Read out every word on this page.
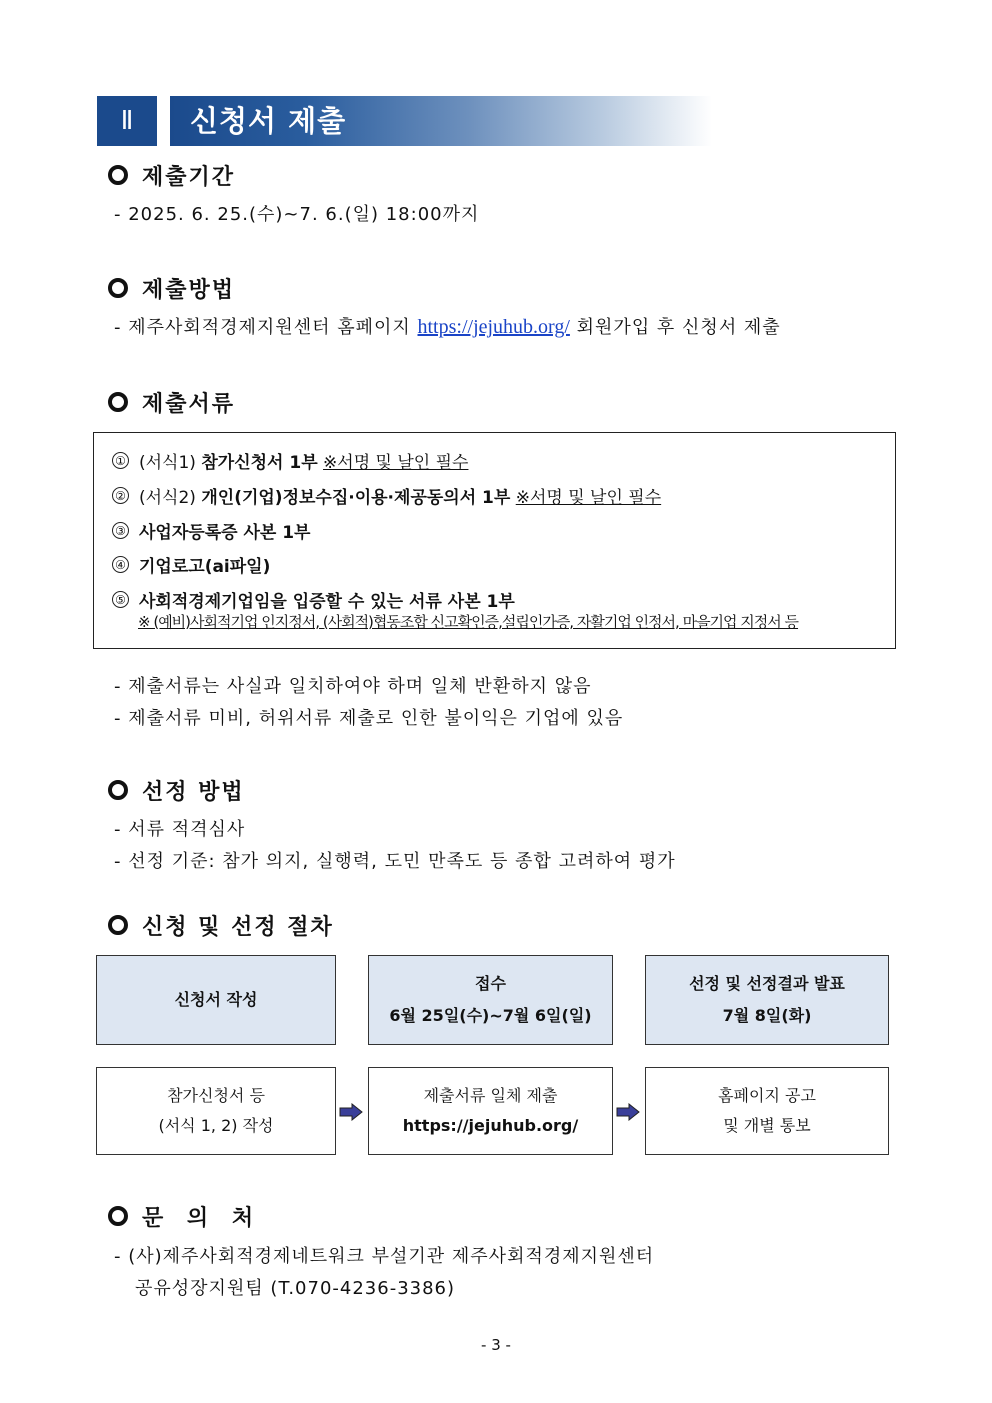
Ⅱ	신청서 제출
제출기간
- 2025. 6. 25.(수)~7. 6.(일) 18:00까지
제출방법
- 제주사회적경제지원센터 홈페이지 https://jejuhub.org/ 회원가입 후 신청서 제출
제출서류
① (서식1)
참가신청서 1부
※서명 및 날인 필수
② (서식2)
개인(기업)정보수집·이용·제공동의서 1부
※서명 및 날인 필수
③ 사업자등록증 사본 1부
④ 기업로고(ai파일)
⑤ 사회적경제기업임을 입증할 수 있는 서류 사본 1부
※ (예비)사회적기업 인지정서, (사회적)협동조합 신고확인증,설립인가증, 자활기업 인정서, 마을기업 지정서 등
- 제출서류는 사실과 일치하여야 하며 일체 반환하지 않음
- 제출서류 미비, 허위서류 제출로 인한 불이익은 기업에 있음
선정 방법
- 서류 적격심사
- 선정 기준: 참가 의지, 실행력, 도민 만족도 등 종합 고려하여 평가
신청 및 선정 절차
신청서 작성
접수
6월 25일(수)~7월 6일(일)
선정 및 선정결과 발표
7월 8일(화)
참가신청서 등
(서식 1, 2) 작성
제출서류 일체 제출
https://jejuhub.org/
홈페이지 공고
및 개별 통보
문 의 처
- (사)제주사회적경제네트워크 부설기관 제주사회적경제지원센터
공유성장지원팀 (T.070-4236-3386)
- 3 -
